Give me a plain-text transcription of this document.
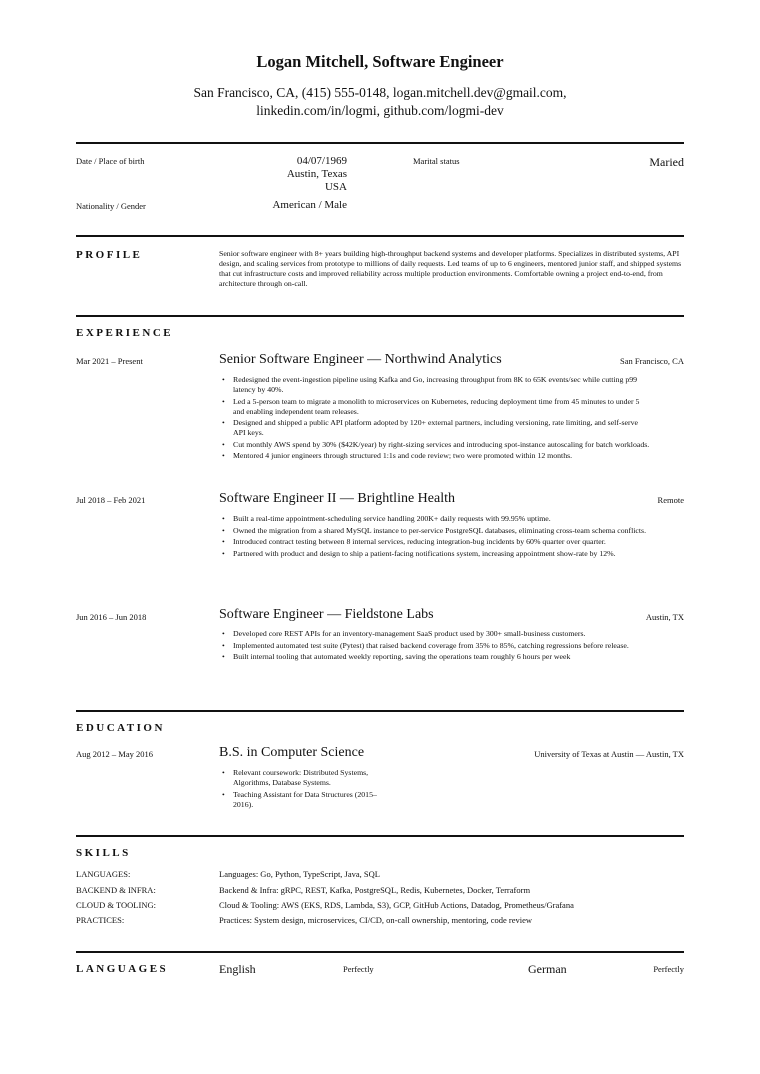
Logan Mitchell, Software Engineer
San Francisco, CA, (415) 555-0148, logan.mitchell.dev@gmail.com,
linkedin.com/in/logmi, github.com/logmi-dev
Date / Place of birth	04/07/1969
Austin, Texas
USA
Marital status	Maried
Nationality / Gender	American / Male
PROFILE	Senior software engineer with 8+ years building high-throughput backend systems and developer platforms. Specializes in distributed systems, API design, and scaling services from prototype to millions of daily requests. Led teams of up to 6 engineers, mentored junior staff, and shipped systems that cut infrastructure costs and improved reliability across multiple production environments. Comfortable owning a project end-to-end, from architecture through on-call.
EXPERIENCE
Mar 2021 – Present	Senior Software Engineer — Northwind Analytics	San Francisco, CA
• Redesigned the event-ingestion pipeline using Kafka and Go, increasing throughput from 8K to 65K events/sec while cutting p99 latency by 40%.
• Led a 5-person team to migrate a monolith to microservices on Kubernetes, reducing deployment time from 45 minutes to under 5 and enabling independent team releases.
• Designed and shipped a public API platform adopted by 120+ external partners, including versioning, rate limiting, and self-serve API keys.
• Cut monthly AWS spend by 30% ($42K/year) by right-sizing services and introducing spot-instance autoscaling for batch workloads.
• Mentored 4 junior engineers through structured 1:1s and code review; two were promoted within 12 months.
Jul 2018 – Feb 2021	Software Engineer II — Brightline Health	Remote
• Built a real-time appointment-scheduling service handling 200K+ daily requests with 99.95% uptime.
• Owned the migration from a shared MySQL instance to per-service PostgreSQL databases, eliminating cross-team schema conflicts.
• Introduced contract testing between 8 internal services, reducing integration-bug incidents by 60% quarter over quarter.
• Partnered with product and design to ship a patient-facing notifications system, increasing appointment show-rate by 12%.
Jun 2016 – Jun 2018	Software Engineer — Fieldstone Labs	Austin, TX
• Developed core REST APIs for an inventory-management SaaS product used by 300+ small-business customers.
• Implemented automated test suite (Pytest) that raised backend coverage from 35% to 85%, catching regressions before release.
• Built internal tooling that automated weekly reporting, saving the operations team roughly 6 hours per week
EDUCATION
Aug 2012 – May 2016	B.S. in Computer Science	University of Texas at Austin — Austin, TX
• Relevant coursework: Distributed Systems, Algorithms, Database Systems.
• Teaching Assistant for Data Structures (2015–2016).
SKILLS
LANGUAGES:	Languages: Go, Python, TypeScript, Java, SQL
BACKEND & INFRA:	Backend & Infra: gRPC, REST, Kafka, PostgreSQL, Redis, Kubernetes, Docker, Terraform
CLOUD & TOOLING:	Cloud & Tooling: AWS (EKS, RDS, Lambda, S3), GCP, GitHub Actions, Datadog, Prometheus/Grafana
PRACTICES:	Practices: System design, microservices, CI/CD, on-call ownership, mentoring, code review
LANGUAGES	English	Perfectly	German	Perfectly
